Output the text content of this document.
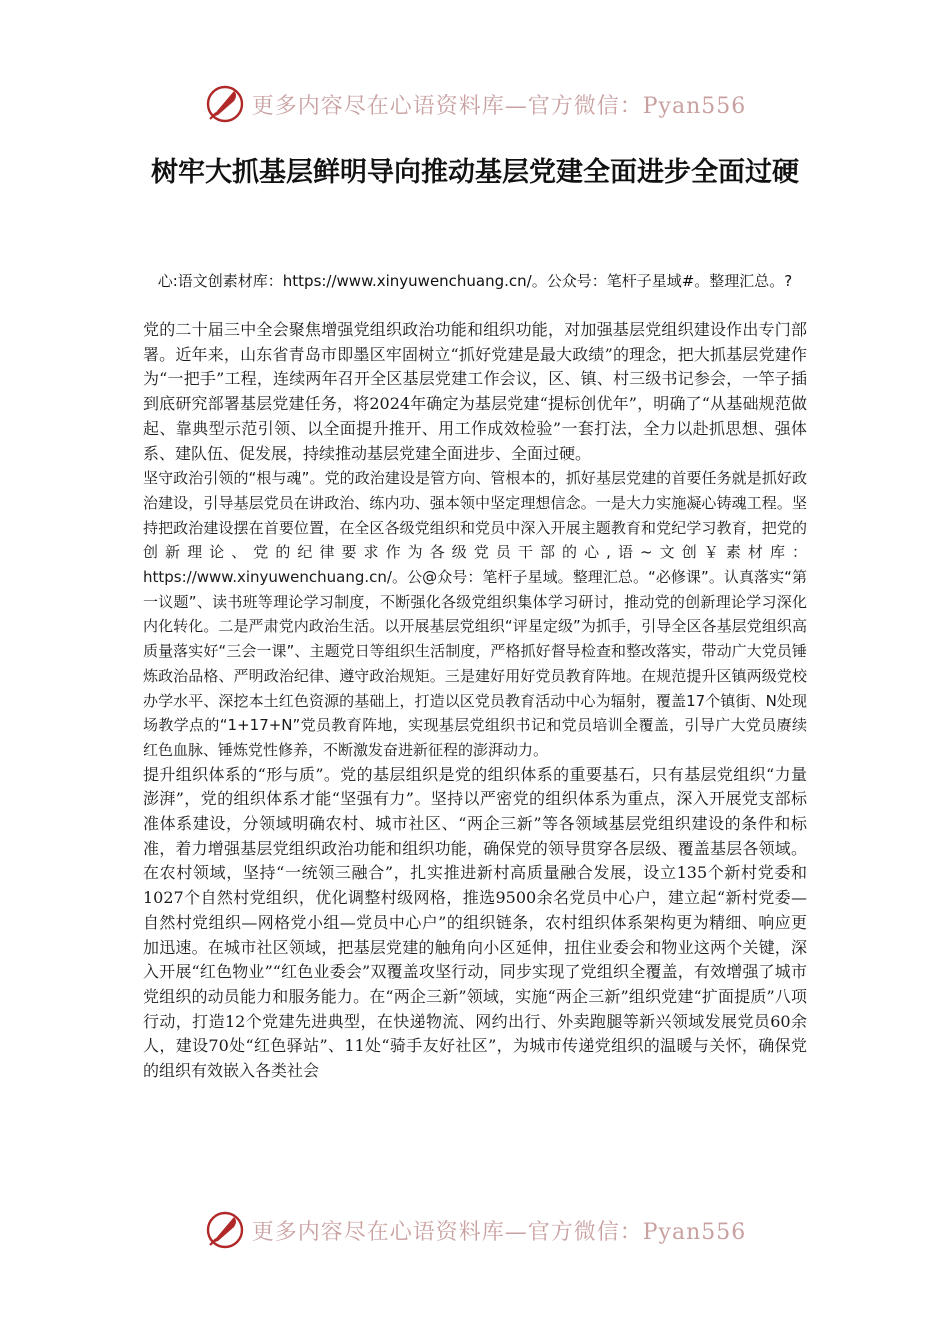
更多内容尽在心语资料库—官方微信：Pyan556
树牢大抓基层鲜明导向推动基层党建全面进步全面过硬

心:语文创素材库：https://www.xinyuwenchuang.cn/。公众号：笔杆子星域#。整理汇总。?

党的二十届三中全会聚焦增强党组织政治功能和组织功能，对加强基层党组织建设作出专门部署。近年来，山东省青岛市即墨区牢固树立“抓好党建是最大政绩”的理念，把大抓基层党建作为“一把手”工程，连续两年召开全区基层党建工作会议，区、镇、村三级书记参会，一竿子插到底研究部署基层党建任务，将2024年确定为基层党建“提标创优年”，明确了“从基础规范做起、靠典型示范引领、以全面提升推开、用工作成效检验”一套打法，全力以赴抓思想、强体系、建队伍、促发展，持续推动基层党建全面进步、全面过硬。

坚守政治引领的“根与魂”。党的政治建设是管方向、管根本的，抓好基层党建的首要任务就是抓好政治建设，引导基层党员在讲政治、练内功、强本领中坚定理想信念。一是大力实施凝心铸魂工程。坚持把政治建设摆在首要位置，在全区各级党组织和党员中深入开展主题教育和党纪学习教育，把党的创新理论、党的纪律要求作为各级党员干部的心,语~文创￥素材库：https://www.xinyuwenchuang.cn/。公@众号：笔杆子星域。整理汇总。“必修课”。认真落实“第一议题”、读书班等理论学习制度，不断强化各级党组织集体学习研讨，推动党的创新理论学习深化内化转化。二是严肃党内政治生活。以开展基层党组织“评星定级”为抓手，引导全区各基层党组织高质量落实好“三会一课”、主题党日等组织生活制度，严格抓好督导检查和整改落实，带动广大党员锤炼政治品格、严明政治纪律、遵守政治规矩。三是建好用好党员教育阵地。在规范提升区镇两级党校办学水平、深挖本土红色资源的基础上，打造以区党员教育活动中心为辐射，覆盖17个镇街、N处现场教学点的“1+17+N”党员教育阵地，实现基层党组织书记和党员培训全覆盖，引导广大党员赓续红色血脉、锤炼党性修养，不断激发奋进新征程的澎湃动力。

提升组织体系的“形与质”。党的基层组织是党的组织体系的重要基石，只有基层党组织“力量澎湃”，党的组织体系才能“坚强有力”。坚持以严密党的组织体系为重点，深入开展党支部标准体系建设，分领域明确农村、城市社区、“两企三新”等各领域基层党组织建设的条件和标准，着力增强基层党组织政治功能和组织功能，确保党的领导贯穿各层级、覆盖基层各领域。在农村领域，坚持“一统领三融合”，扎实推进新村高质量融合发展，设立135个新村党委和1027个自然村党组织，优化调整村级网格，推选9500余名党员中心户，建立起“新村党委—自然村党组织—网格党小组—党员中心户”的组织链条，农村组织体系架构更为精细、响应更加迅速。在城市社区领域，把基层党建的触角向小区延伸，扭住业委会和物业这两个关键，深入开展“红色物业”“红色业委会”双覆盖攻坚行动，同步实现了党组织全覆盖，有效增强了城市党组织的动员能力和服务能力。在“两企三新”领域，实施“两企三新”组织党建“扩面提质”八项行动，打造12个党建先进典型，在快递物流、网约出行、外卖跑腿等新兴领域发展党员60余人，建设70处“红色驿站”、11处“骑手友好社区”，为城市传递党组织的温暖与关怀，确保党的组织有效嵌入各类社会

更多内容尽在心语资料库—官方微信：Pyan556
